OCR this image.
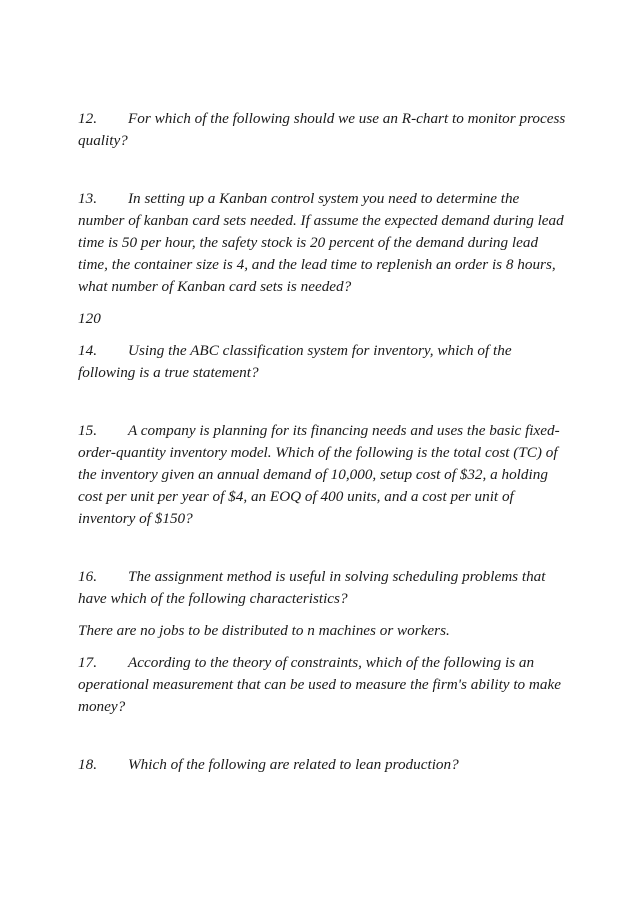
12. For which of the following should we use an R-chart to monitor process quality?

13. In setting up a Kanban control system you need to determine the number of kanban card sets needed. If assume the expected demand during lead time is 50 per hour, the safety stock is 20 percent of the demand during lead time, the container size is 4, and the lead time to replenish an order is 8 hours, what number of Kanban card sets is needed?

120

14. Using the ABC classification system for inventory, which of the following is a true statement?

15. A company is planning for its financing needs and uses the basic fixed-order-quantity inventory model. Which of the following is the total cost (TC) of the inventory given an annual demand of 10,000, setup cost of $32, a holding cost per unit per year of $4, an EOQ of 400 units, and a cost per unit of inventory of $150?

16. The assignment method is useful in solving scheduling problems that have which of the following characteristics?

There are no jobs to be distributed to n machines or workers.

17. According to the theory of constraints, which of the following is an operational measurement that can be used to measure the firm's ability to make money?

18. Which of the following are related to lean production?
